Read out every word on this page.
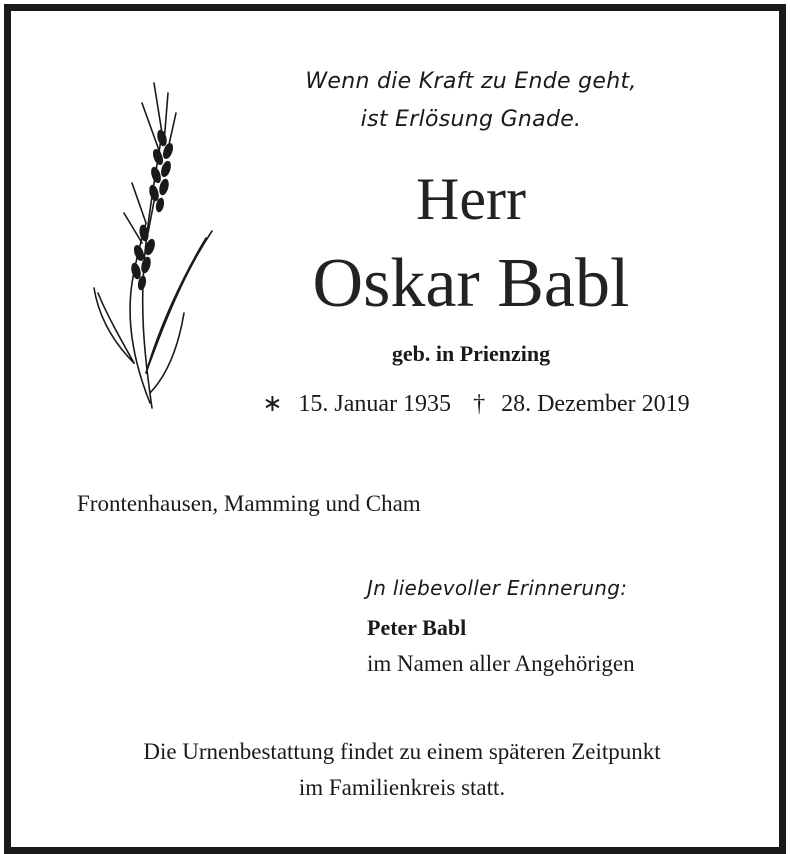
Wenn die Kraft zu Ende geht,
ist Erlösung Gnade.
Herr
Oskar Babl
geb. in Prienzing
∗ 15. Januar 1935 † 28. Dezember 2019
Frontenhausen, Mamming und Cham
Jn liebevoller Erinnerung:
Peter Babl
im Namen aller Angehörigen
Die Urnenbestattung findet zu einem späteren Zeitpunkt
im Familienkreis statt.
